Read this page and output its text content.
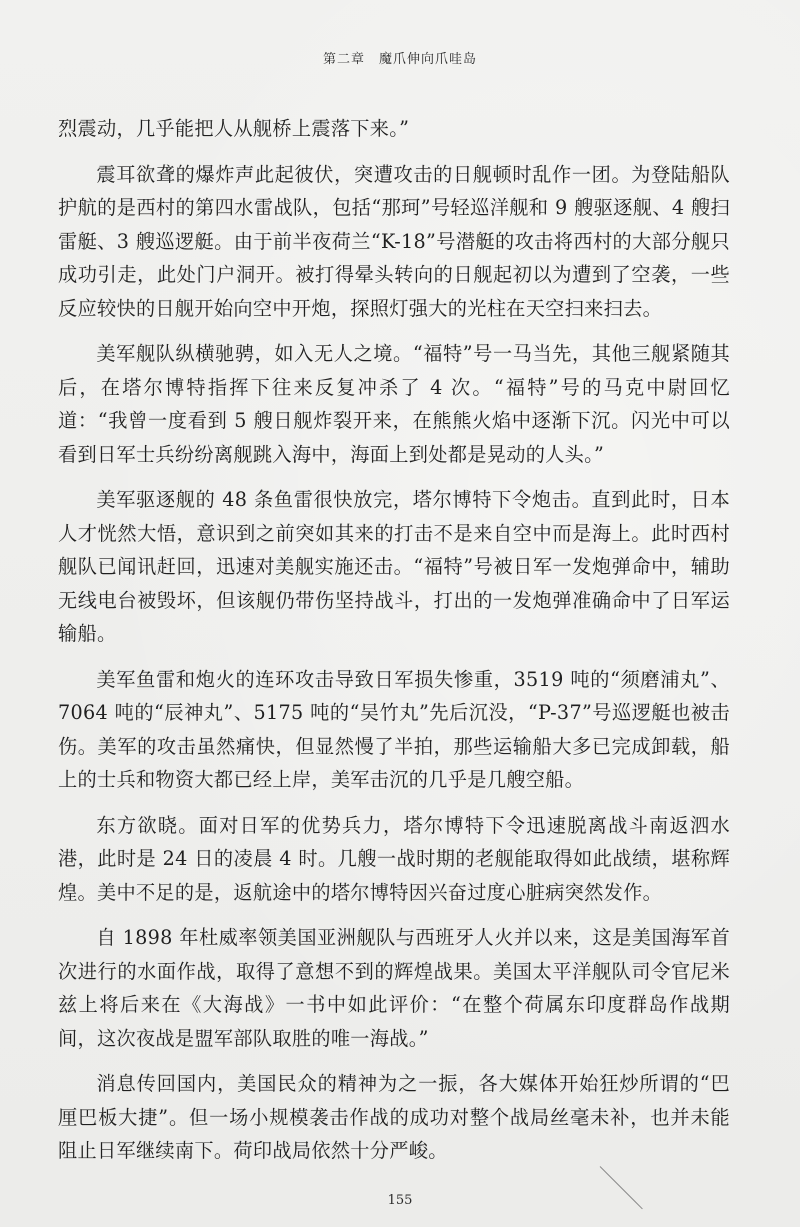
第二章 魔爪伸向爪哇岛

烈震动，几乎能把人从舰桥上震落下来。”

震耳欲聋的爆炸声此起彼伏，突遭攻击的日舰顿时乱作一团。为登陆船队护航的是西村的第四水雷战队，包括“那珂”号轻巡洋舰和 9 艘驱逐舰、4 艘扫雷艇、3 艘巡逻艇。由于前半夜荷兰“K-18”号潜艇的攻击将西村的大部分舰只成功引走，此处门户洞开。被打得晕头转向的日舰起初以为遭到了空袭，一些反应较快的日舰开始向空中开炮，探照灯强大的光柱在天空扫来扫去。

美军舰队纵横驰骋，如入无人之境。“福特”号一马当先，其他三舰紧随其后，在塔尔博特指挥下往来反复冲杀了 4 次。“福特”号的马克中尉回忆道：“我曾一度看到 5 艘日舰炸裂开来，在熊熊火焰中逐渐下沉。闪光中可以看到日军士兵纷纷离舰跳入海中，海面上到处都是晃动的人头。”

美军驱逐舰的 48 条鱼雷很快放完，塔尔博特下令炮击。直到此时，日本人才恍然大悟，意识到之前突如其来的打击不是来自空中而是海上。此时西村舰队已闻讯赶回，迅速对美舰实施还击。“福特”号被日军一发炮弹命中，辅助无线电台被毁坏，但该舰仍带伤坚持战斗，打出的一发炮弹准确命中了日军运输船。

美军鱼雷和炮火的连环攻击导致日军损失惨重，3519 吨的“须磨浦丸”、7064 吨的“辰神丸”、5175 吨的“吴竹丸”先后沉没，“P-37”号巡逻艇也被击伤。美军的攻击虽然痛快，但显然慢了半拍，那些运输船大多已完成卸载，船上的士兵和物资大都已经上岸，美军击沉的几乎是几艘空船。

东方欲晓。面对日军的优势兵力，塔尔博特下令迅速脱离战斗南返泗水港，此时是 24 日的凌晨 4 时。几艘一战时期的老舰能取得如此战绩，堪称辉煌。美中不足的是，返航途中的塔尔博特因兴奋过度心脏病突然发作。

自 1898 年杜威率领美国亚洲舰队与西班牙人火并以来，这是美国海军首次进行的水面作战，取得了意想不到的辉煌战果。美国太平洋舰队司令官尼米兹上将后来在《大海战》一书中如此评价：“在整个荷属东印度群岛作战期间，这次夜战是盟军部队取胜的唯一海战。”

消息传回国内，美国民众的精神为之一振，各大媒体开始狂炒所谓的“巴厘巴板大捷”。但一场小规模袭击作战的成功对整个战局丝毫未补，也并未能阻止日军继续南下。荷印战局依然十分严峻。

155
